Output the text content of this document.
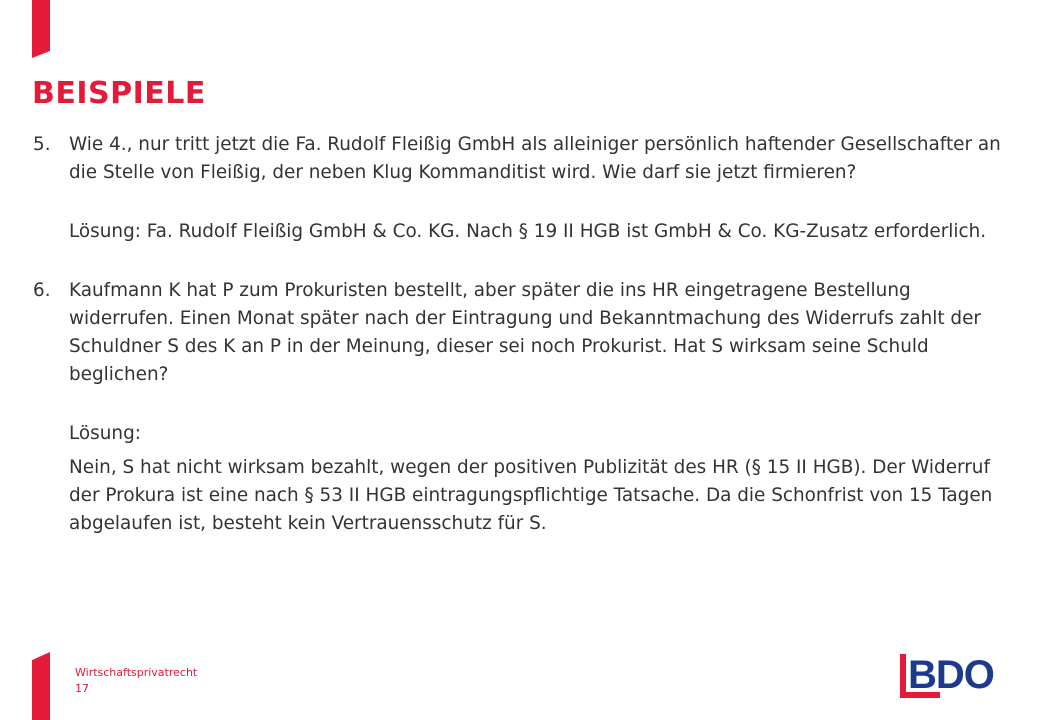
BEISPIELE
5.	Wie 4., nur tritt jetzt die Fa. Rudolf Fleißig GmbH als alleiniger persönlich haftender Gesellschafter an die Stelle von Fleißig, der neben Klug Kommanditist wird. Wie darf sie jetzt firmieren?

Lösung: Fa. Rudolf Fleißig GmbH & Co. KG. Nach § 19 II HGB ist GmbH & Co. KG-Zusatz erforderlich.

6.	Kaufmann K hat P zum Prokuristen bestellt, aber später die ins HR eingetragene Bestellung widerrufen. Einen Monat später nach der Eintragung und Bekanntmachung des Widerrufs zahlt der Schuldner S des K an P in der Meinung, dieser sei noch Prokurist. Hat S wirksam seine Schuld beglichen?

Lösung:

Nein, S hat nicht wirksam bezahlt, wegen der positiven Publizität des HR (§ 15 II HGB). Der Widerruf der Prokura ist eine nach § 53 II HGB eintragungspflichtige Tatsache. Da die Schonfrist von 15 Tagen abgelaufen ist, besteht kein Vertrauensschutz für S.

Wirtschaftsprivatrecht
17	BDO
